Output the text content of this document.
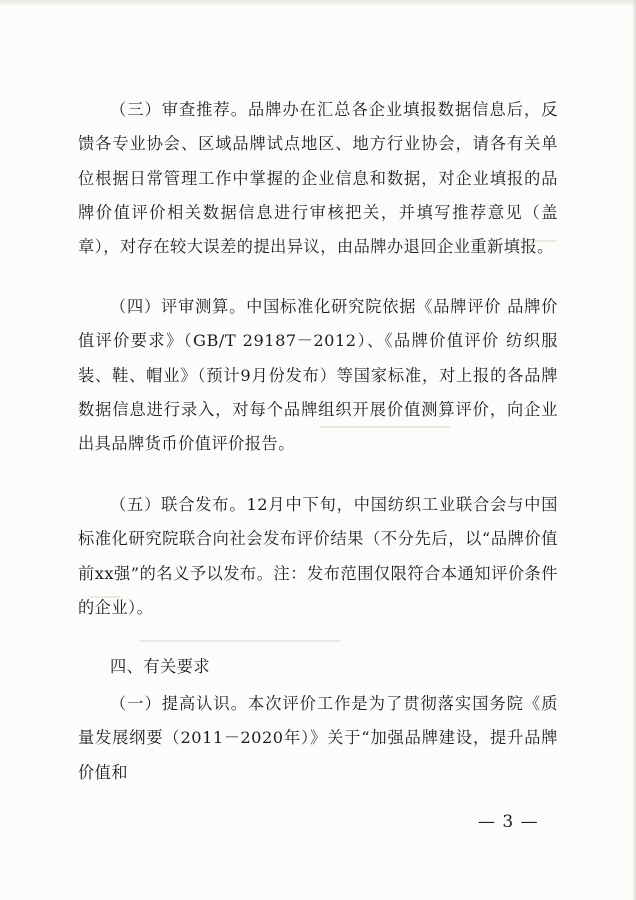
（三）审查推荐。品牌办在汇总各企业填报数据信息后，反馈各专业协会、区域品牌试点地区、地方行业协会，请各有关单位根据日常管理工作中掌握的企业信息和数据，对企业填报的品牌价值评价相关数据信息进行审核把关，并填写推荐意见（盖章），对存在较大误差的提出异议，由品牌办退回企业重新填报。

（四）评审测算。中国标准化研究院依据《品牌评价 品牌价值评价要求》（GB/T 29187－2012）、《品牌价值评价 纺织服装、鞋、帽业》（预计9月份发布）等国家标准，对上报的各品牌数据信息进行录入，对每个品牌组织开展价值测算评价，向企业出具品牌货币价值评价报告。

（五）联合发布。12月中下旬，中国纺织工业联合会与中国标准化研究院联合向社会发布评价结果（不分先后，以“品牌价值前xx强”的名义予以发布。注：发布范围仅限符合本通知评价条件的企业）。

四、有关要求

（一）提高认识。本次评价工作是为了贯彻落实国务院《质量发展纲要（2011－2020年）》关于“加强品牌建设，提升品牌价值和

— 3 —
